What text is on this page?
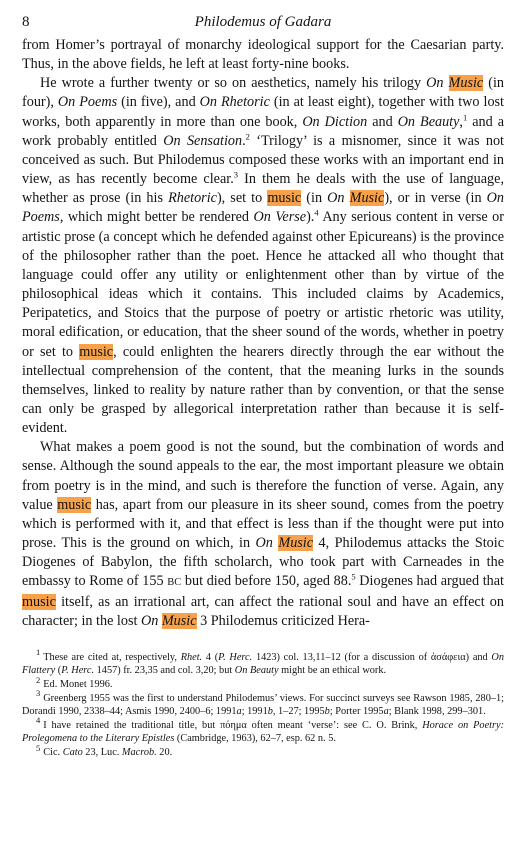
8	Philodemus of Gadara

from Homer’s portrayal of monarchy ideological support for the Caesarian party. Thus, in the above fields, he left at least forty-nine books.

He wrote a further twenty or so on aesthetics, namely his trilogy On Music (in four), On Poems (in five), and On Rhetoric (in at least eight), together with two lost works, both apparently in more than one book, On Diction and On Beauty,$^1$ and a work probably entitled On Sensation.$^2$ ‘Trilogy’ is a misnomer, since it was not conceived as such. But Philodemus composed these works with an important end in view, as has recently become clear.$^3$ In them he deals with the use of language, whether as prose (in his Rhetoric), set to music (in On Music), or in verse (in On Poems, which might better be rendered On Verse).$^4$ Any serious content in verse or artistic prose (a concept which he defended against other Epicureans) is the province of the philosopher rather than the poet. Hence he attacked all who thought that language could offer any utility or enlightenment other than by virtue of the philosophical ideas which it contains. This included claims by Academics, Peripatetics, and Stoics that the purpose of poetry or artistic rhetoric was utility, moral edification, or education, that the sheer sound of the words, whether in poetry or set to music, could enlighten the hearers directly through the ear without the intellectual comprehension of the content, that the meaning lurks in the sounds themselves, linked to reality by nature rather than by convention, or that the sense can only be grasped by allegorical interpretation rather than because it is self-evident.

What makes a poem good is not the sound, but the combination of words and sense. Although the sound appeals to the ear, the most important pleasure we obtain from poetry is in the mind, and such is therefore the function of verse. Again, any value music has, apart from our pleasure in its sheer sound, comes from the poetry which is performed with it, and that effect is less than if the thought were put into prose. This is the ground on which, in On Music 4, Philodemus attacks the Stoic Diogenes of Babylon, the fifth scholarch, who took part with Carneades in the embassy to Rome of 155 BC but died before 150, aged 88.$^5$ Diogenes had argued that music itself, as an irrational art, can affect the rational soul and have an effect on character; in the lost On Music 3 Philodemus criticized Hera-

$^1$ These are cited at, respectively, Rhet. 4 (P. Herc. 1423) col. 13,11–12 (for a discussion of ἀσάφεια) and On Flattery (P. Herc. 1457) fr. 23,35 and col. 3,20; but On Beauty might be an ethical work.

$^2$ Ed. Monet 1996.

$^3$ Greenberg 1955 was the first to understand Philodemus’ views. For succinct surveys see Rawson 1985, 280–1; Dorandi 1990, 2338–44; Asmis 1990, 2400–6; 1991a; 1991b, 1–27; 1995b; Porter 1995a; Blank 1998, 299–301.

$^4$ I have retained the traditional title, but πόημα often meant ‘verse’: see C. O. Brink, Horace on Poetry: Prolegomena to the Literary Epistles (Cambridge, 1963), 62–7, esp. 62 n. 5.

$^5$ Cic. Cato 23, Luc. Macrob. 20.
